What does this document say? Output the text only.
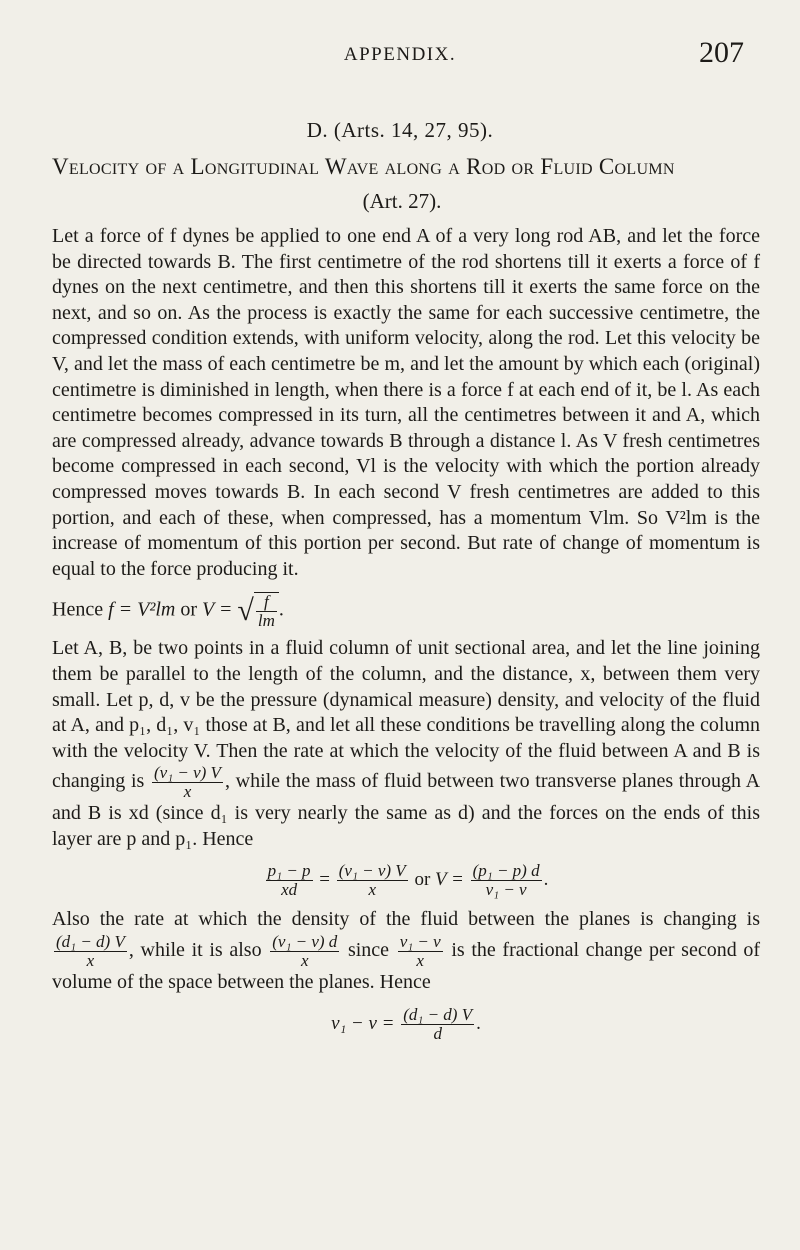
APPENDIX.	207
D. (Arts. 14, 27, 95).
Velocity of a Longitudinal Wave along a Rod or Fluid Column
(Art. 27).

Let a force of f dynes be applied to one end A of a very long rod AB, and let the force be directed towards B. The first centimetre of the rod shortens till it exerts a force of f dynes on the next centimetre, and then this shortens till it exerts the same force on the next, and so on. As the process is exactly the same for each successive centimetre, the compressed condition extends, with uniform velocity, along the rod. Let this velocity be V, and let the mass of each centimetre be m, and let the amount by which each (original) centimetre is diminished in length, when there is a force f at each end of it, be l. As each centimetre becomes compressed in its turn, all the centimetres between it and A, which are compressed already, advance towards B through a distance l. As V fresh centimetres become compressed in each second, Vl is the velocity with which the portion already compressed moves towards B. In each second V fresh centimetres are added to this portion, and each of these, when compressed, has a momentum Vlm. So V²lm is the increase of momentum of this portion per second. But rate of change of momentum is equal to the force producing it.

Hence f = V²lm or V = √ $\frac{f}{lm}$ .

Let A, B, be two points in a fluid column of unit sectional area, and let the line joining them be parallel to the length of the column, and the distance, x, between them very small. Let p, d, v be the pressure (dynamical measure) density, and velocity of the fluid at A, and p₁, d₁, v₁ those at B, and let all these conditions be travelling along the column with the velocity V. Then the rate at which the velocity of the fluid between A and B is changing is $\frac{\text{(v₁ − v) V}}{x}$ , while the mass of fluid between two transverse planes through A and B is xd (since d₁ is very nearly the same as d) and the forces on the ends of this layer are p and p₁. Hence

$\frac{\text{p₁ − p}}{xd} = \frac{\text{(v₁ − v) V}}{x}$ or $V = \frac{\text{(p₁ − p) d}}{\text{v₁ − v}}$ .

Also the rate at which the density of the fluid between the planes is changing is
$\frac{\text{(d₁ − d) V}}{x}$ , while it is also $\frac{\text{(v₁ − v) d}}{x}$ since $\frac{\text{v₁ − v}}{x}$ is the fractional change per second of volume of the space between the planes. Hence

$v_1 - v = \frac{\text{(d₁ − d) V}}{d}$ .
